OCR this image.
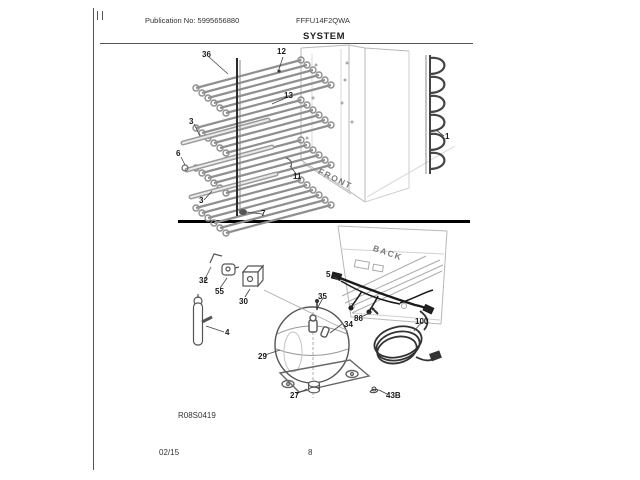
Publication No: 5995656880	FFFU14F2QWA
SYSTEM
36	12
13
3
6
3
11
7
1
32
55
30
4
29
5
35
34
86	100
27	43B
FRONT
BACK
R08S0419
02/15	8
